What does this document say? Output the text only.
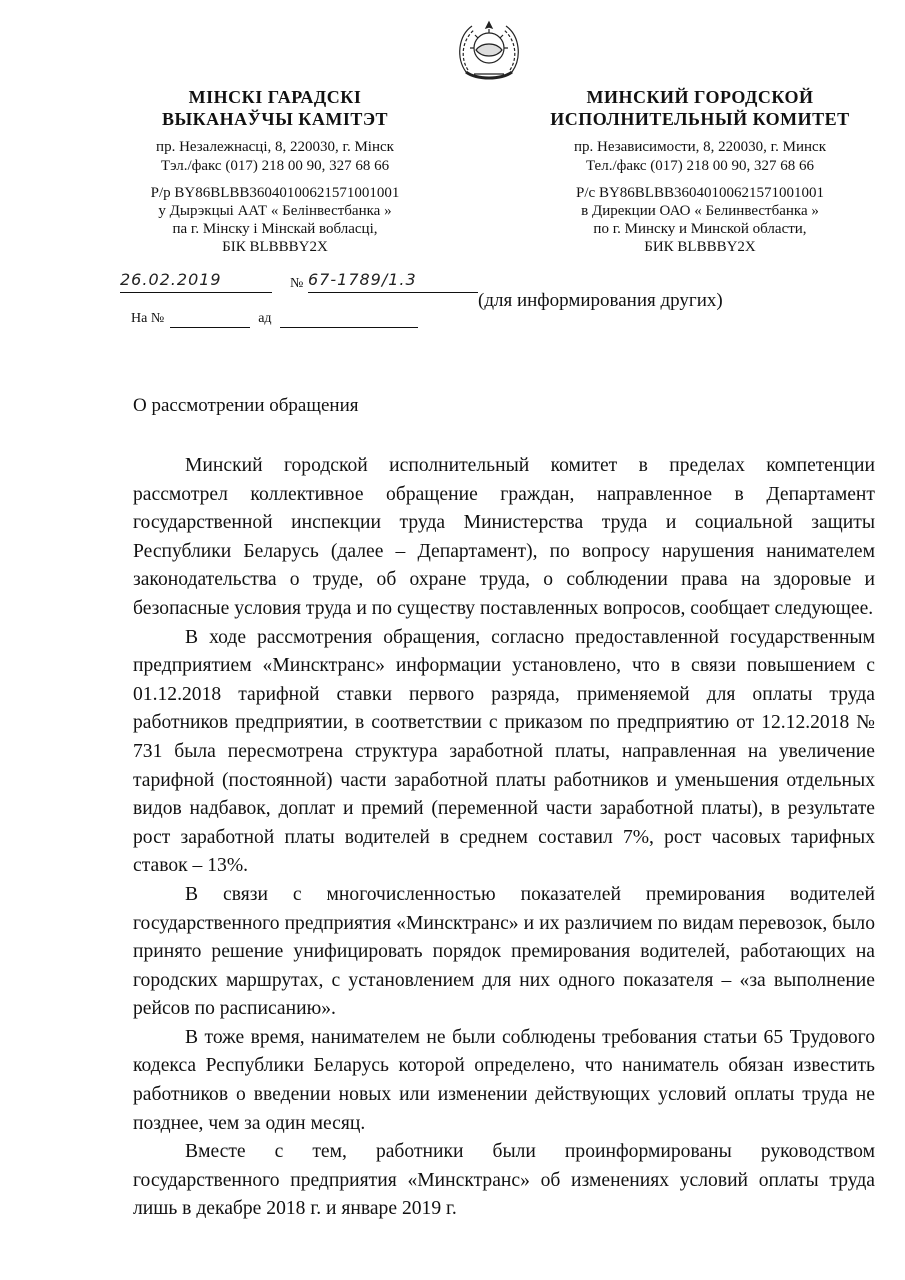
МІНСКІ ГАРАДСКІ
ВЫКАНАЎЧЫ КАМІТЭТ
пр. Незалежнасці, 8, 220030, г. Мінск
Тэл./факс (017) 218 00 90, 327 68 66
Р/р BY86BLBB36040100621571001001
у Дырэкцыі ААТ « Белінвестбанка »
па г. Мінску і Мінскай вобласці,
БІК BLBBBY2X
МИНСКИЙ ГОРОДСКОЙ
ИСПОЛНИТЕЛЬНЫЙ КОМИТЕТ
пр. Независимости, 8, 220030, г. Минск
Тел./факс (017) 218 00 90, 327 68 66
Р/с BY86BLBB36040100621571001001
в Дирекции ОАО « Белинвестбанка »
по г. Минску и Минской области,
БИК BLBBBY2X
26.02.2019	№ 67-1789/1.3
На №	ад
(для информирования других)
О рассмотрении обращения

Минский городской исполнительный комитет в пределах компетенции рассмотрел коллективное обращение граждан, направленное в Департамент государственной инспекции труда Министерства труда и социальной защиты Республики Беларусь (далее – Департамент), по вопросу нарушения нанимателем законодательства о труде, об охране труда, о соблюдении права на здоровые и безопасные условия труда и по существу поставленных вопросов, сообщает следующее.

В ходе рассмотрения обращения, согласно предоставленной государственным предприятием «Минсктранс» информации установлено, что в связи повышением с 01.12.2018 тарифной ставки первого разряда, применяемой для оплаты труда работников предприятии, в соответствии с приказом по предприятию от 12.12.2018 № 731 была пересмотрена структура заработной платы, направленная на увеличение тарифной (постоянной) части заработной платы работников и уменьшения отдельных видов надбавок, доплат и премий (переменной части заработной платы), в результате рост заработной платы водителей в среднем составил 7%, рост часовых тарифных ставок – 13%.

В связи с многочисленностью показателей премирования водителей государственного предприятия «Минсктранс» и их различием по видам перевозок, было принято решение унифицировать порядок премирования водителей, работающих на городских маршрутах, с установлением для них одного показателя – «за выполнение рейсов по расписанию».

В тоже время, нанимателем не были соблюдены требования статьи 65 Трудового кодекса Республики Беларусь которой определено, что наниматель обязан известить работников о введении новых или изменении действующих условий оплаты труда не позднее, чем за один месяц.

Вместе с тем, работники были проинформированы руководством государственного предприятия «Минсктранс» об изменениях условий оплаты труда лишь в декабре 2018 г. и январе 2019 г.
